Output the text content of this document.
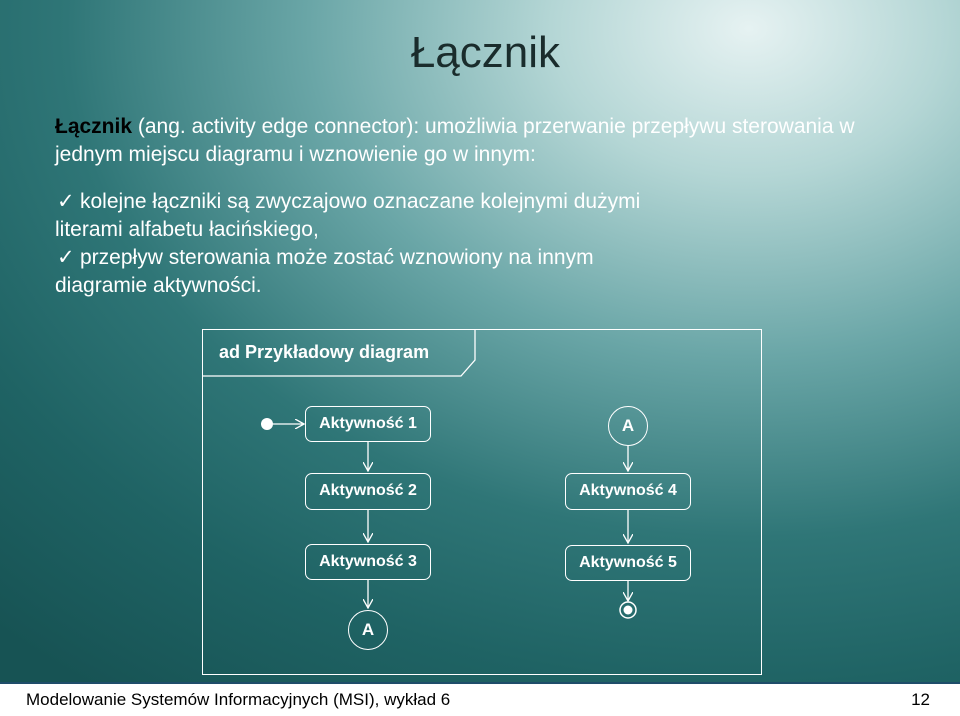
Łącznik
Łącznik (ang. activity edge connector): umożliwia przerwanie przepływu sterowania w jednym miejscu diagramu i wznowienie go w innym:
✓ kolejne łączniki są zwyczajowo oznaczane kolejnymi dużymi
literami alfabetu łacińskiego,
✓ przepływ sterowania może zostać wznowiony na innym
diagramie aktywności.
ad Przykładowy diagram
Aktywność 1
Aktywność 2
Aktywność 3
Aktywność 4
Aktywność 5
A
A
Modelowanie Systemów Informacyjnych (MSI), wykład 6	12
